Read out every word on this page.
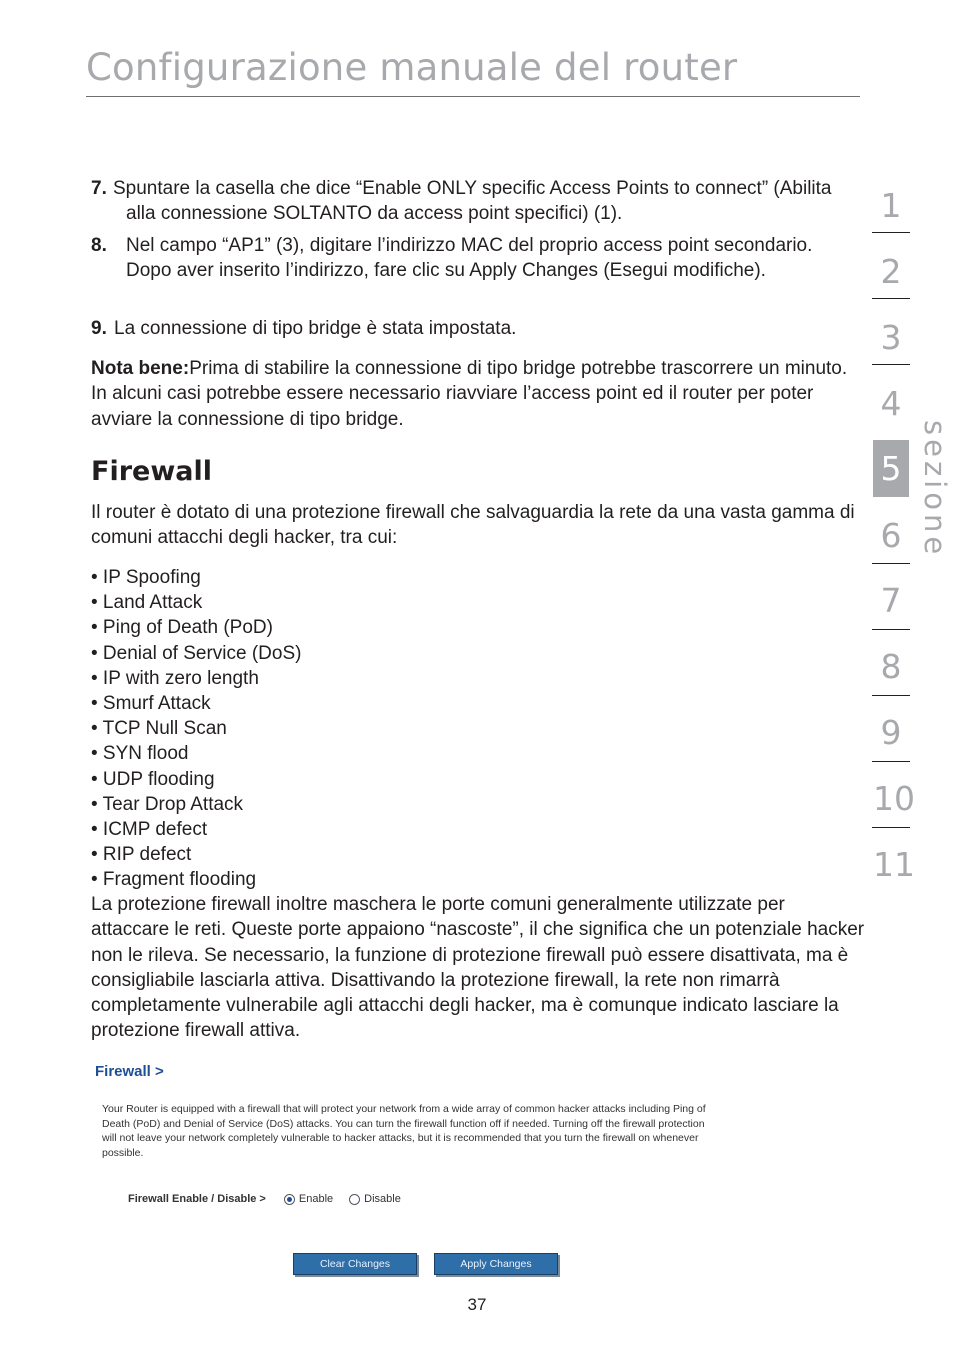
Configurazione manuale del router
7. Spuntare la casella che dice “Enable ONLY specific Access Points to connect” (Abilita alla connessione SOLTANTO da access point specifici) (1).
8.	Nel campo “AP1” (3), digitare l’indirizzo MAC del proprio access point secondario. Dopo aver inserito l’indirizzo, fare clic su Apply Changes (Esegui modifiche).
9. La connessione di tipo bridge è stata impostata.
Nota bene:Prima di stabilire la connessione di tipo bridge potrebbe trascorrere un minuto. In alcuni casi potrebbe essere necessario riavviare l’access point ed il router per poter avviare la connessione di tipo bridge.
Firewall
Il router è dotato di una protezione firewall che salvaguardia la rete da una vasta gamma di comuni attacchi degli hacker, tra cui:
• IP Spoofing
• Land Attack
• Ping of Death (PoD)
• Denial of Service (DoS)
• IP with zero length
• Smurf Attack
• TCP Null Scan
• SYN flood
• UDP flooding
• Tear Drop Attack
• ICMP defect
• RIP defect
• Fragment flooding
La protezione firewall inoltre maschera le porte comuni generalmente utilizzate per attaccare le reti. Queste porte appaiono “nascoste”, il che significa che un potenziale hacker non le rileva. Se necessario, la funzione di protezione firewall può essere disattivata, ma è consigliabile lasciarla attiva. Disattivando la protezione firewall, la rete non rimarrà completamente vulnerabile agli attacchi degli hacker, ma è comunque indicato lasciare la protezione firewall attiva.
Firewall >
Your Router is equipped with a firewall that will protect your network from a wide array of common hacker attacks including Ping of Death (PoD) and Denial of Service (DoS) attacks. You can turn the firewall function off if needed. Turning off the firewall protection will not leave your network completely vulnerable to hacker attacks, but it is recommended that you turn the firewall on whenever possible.
Firewall Enable / Disable >	Enable	Disable
Clear Changes	Apply Changes
1
2
3
4
5
6
7
8
9
10
11
sezione
37
